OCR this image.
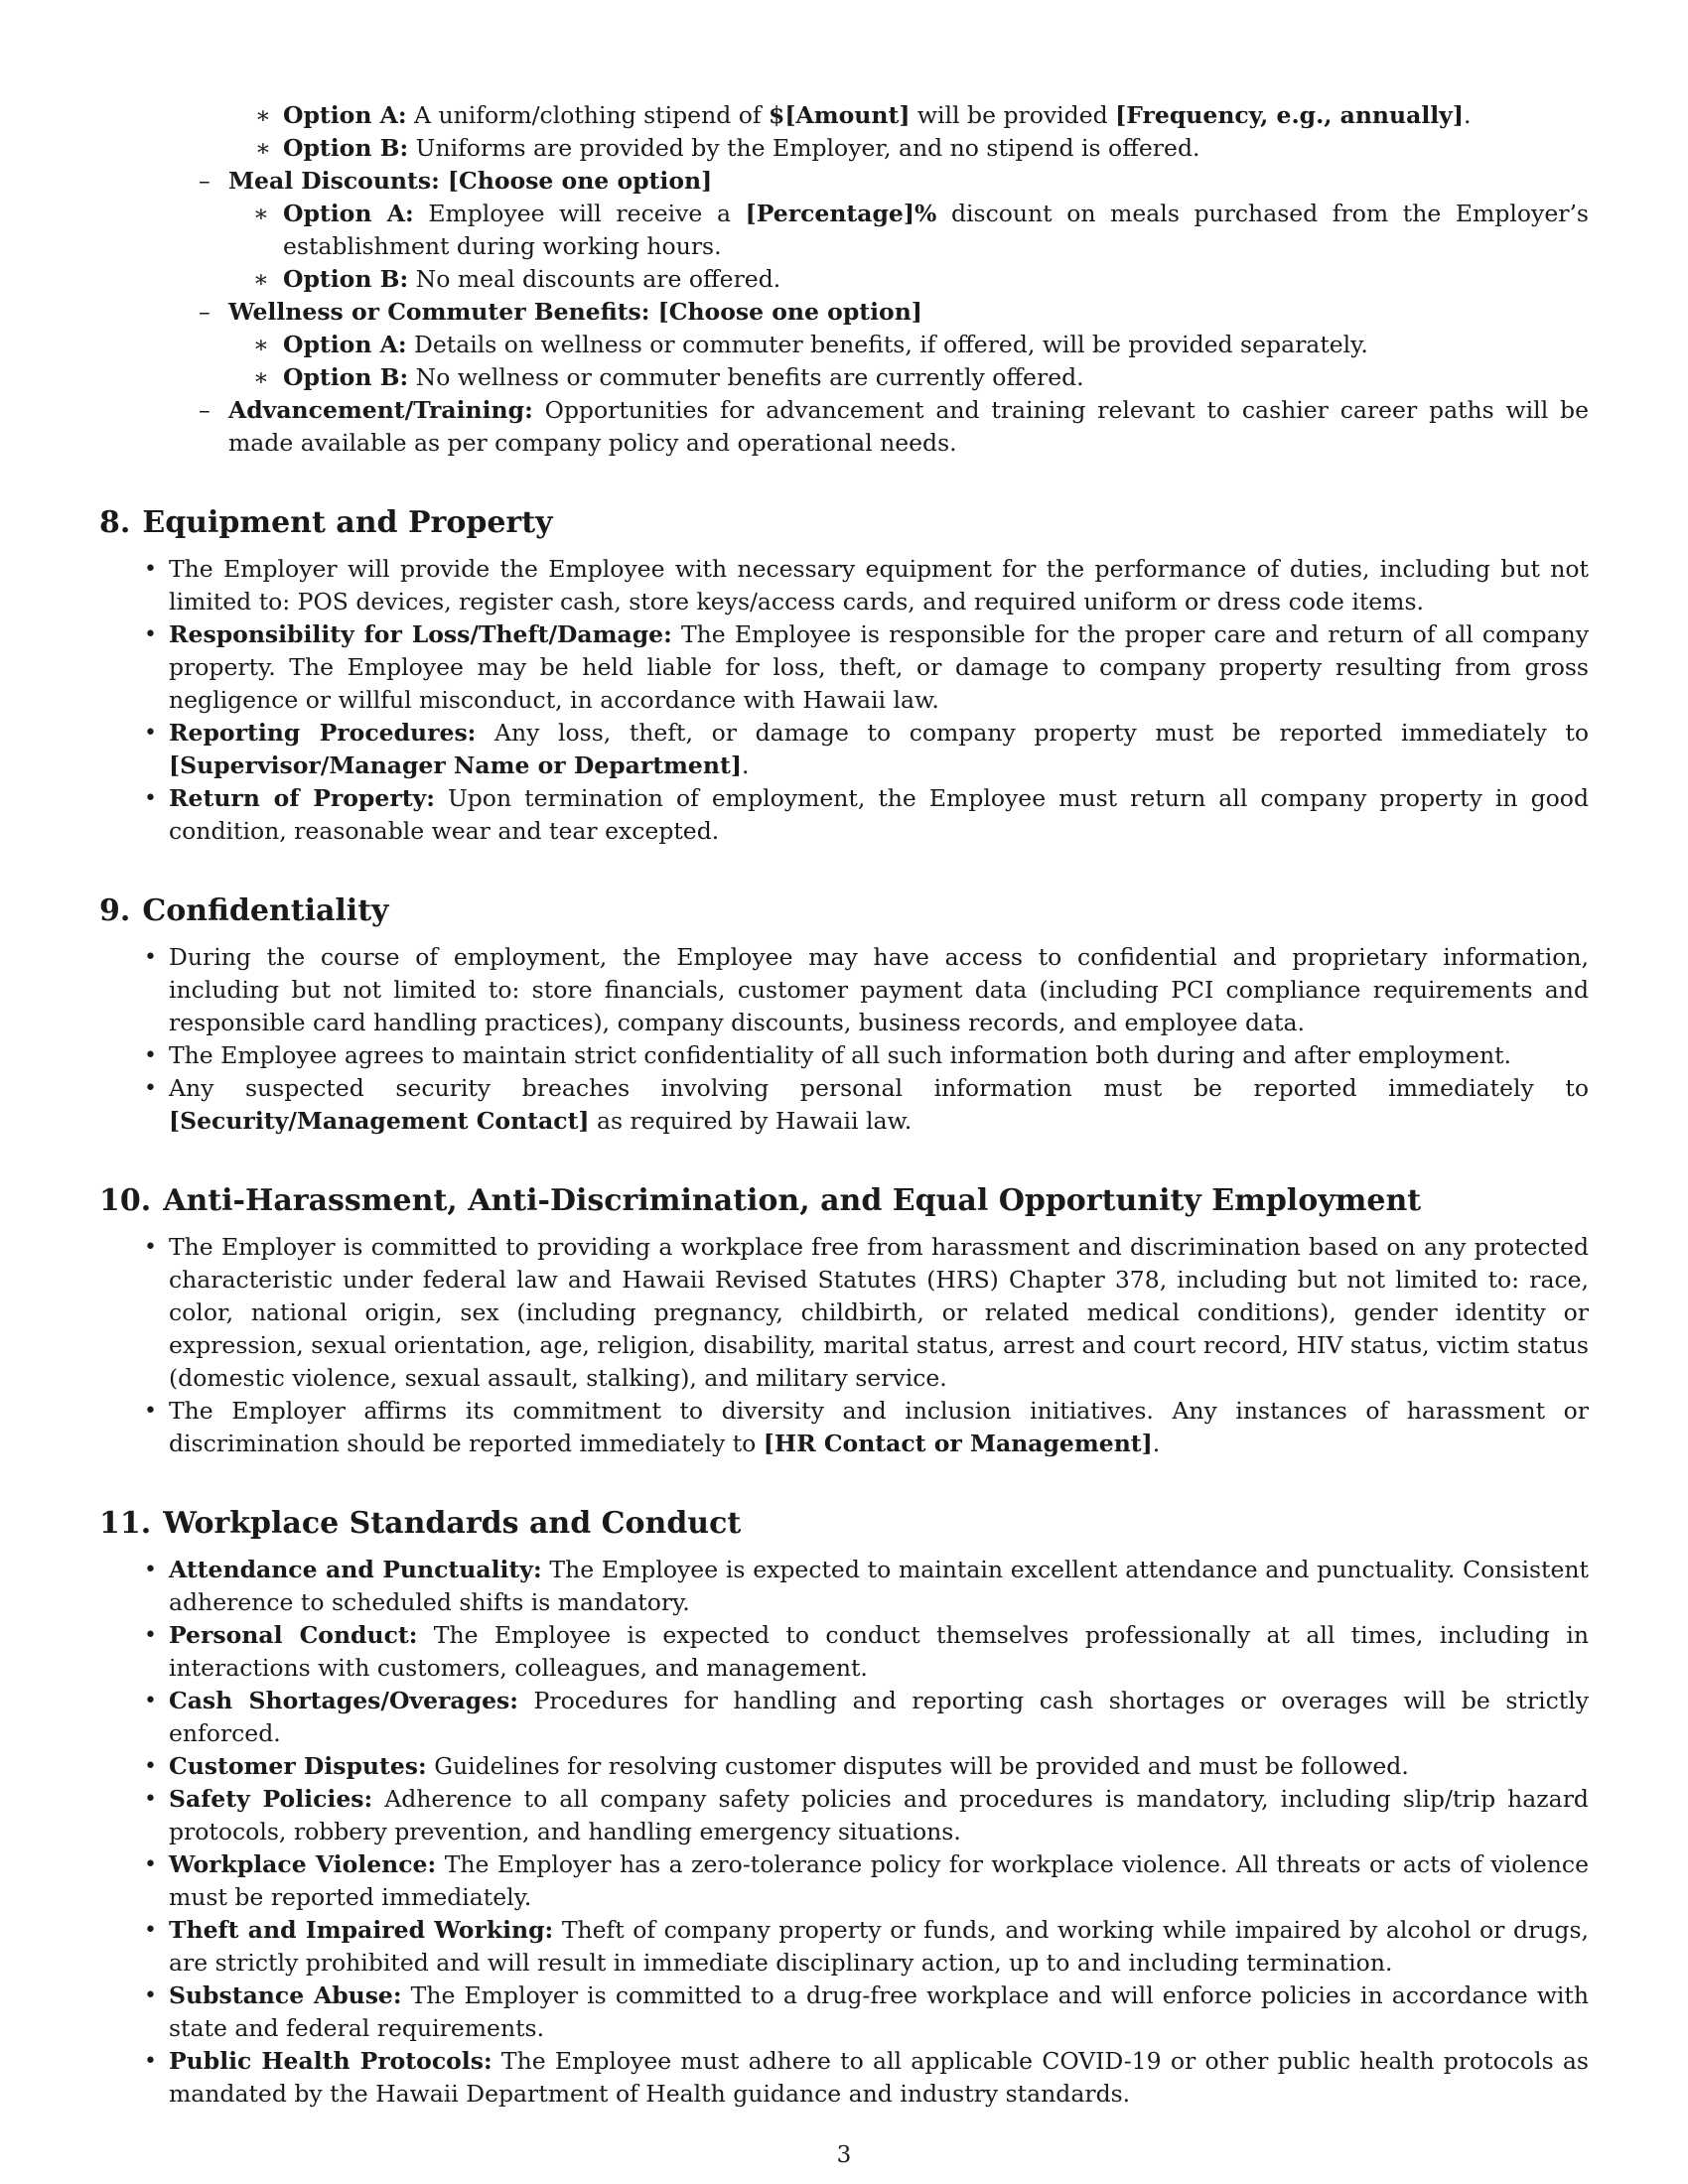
∗ Option A: A uniform/clothing stipend of $[Amount] will be provided [Frequency, e.g., annually].
∗ Option B: Uniforms are provided by the Employer, and no stipend is offered.
– Meal Discounts: [Choose one option]
∗ Option A: Employee will receive a [Percentage]% discount on meals purchased from the Employer’s establishment during working hours.
∗ Option B: No meal discounts are offered.
– Wellness or Commuter Benefits: [Choose one option]
∗ Option A: Details on wellness or commuter benefits, if offered, will be provided separately.
∗ Option B: No wellness or commuter benefits are currently offered.
– Advancement/Training: Opportunities for advancement and training relevant to cashier career paths will be made available as per company policy and operational needs.
8. Equipment and Property
• The Employer will provide the Employee with necessary equipment for the performance of duties, including but not limited to: POS devices, register cash, store keys/access cards, and required uniform or dress code items.
• Responsibility for Loss/Theft/Damage: The Employee is responsible for the proper care and return of all company property. The Employee may be held liable for loss, theft, or damage to company property resulting from gross negligence or willful misconduct, in accordance with Hawaii law.
• Reporting Procedures: Any loss, theft, or damage to company property must be reported immediately to [Supervisor/Manager Name or Department].
• Return of Property: Upon termination of employment, the Employee must return all company property in good condition, reasonable wear and tear excepted.
9. Confidentiality
• During the course of employment, the Employee may have access to confidential and proprietary information, including but not limited to: store financials, customer payment data (including PCI compliance requirements and responsible card handling practices), company discounts, business records, and employee data.
• The Employee agrees to maintain strict confidentiality of all such information both during and after employment.
• Any suspected security breaches involving personal information must be reported immediately to [Security/Management Contact] as required by Hawaii law.
10. Anti-Harassment, Anti-Discrimination, and Equal Opportunity Employment
• The Employer is committed to providing a workplace free from harassment and discrimination based on any protected characteristic under federal law and Hawaii Revised Statutes (HRS) Chapter 378, including but not limited to: race, color, national origin, sex (including pregnancy, childbirth, or related medical conditions), gender identity or expression, sexual orientation, age, religion, disability, marital status, arrest and court record, HIV status, victim status (domestic violence, sexual assault, stalking), and military service.
• The Employer affirms its commitment to diversity and inclusion initiatives. Any instances of harassment or discrimination should be reported immediately to [HR Contact or Management].
11. Workplace Standards and Conduct
• Attendance and Punctuality: The Employee is expected to maintain excellent attendance and punctuality. Consistent adherence to scheduled shifts is mandatory.
• Personal Conduct: The Employee is expected to conduct themselves professionally at all times, including in interactions with customers, colleagues, and management.
• Cash Shortages/Overages: Procedures for handling and reporting cash shortages or overages will be strictly enforced.
• Customer Disputes: Guidelines for resolving customer disputes will be provided and must be followed.
• Safety Policies: Adherence to all company safety policies and procedures is mandatory, including slip/trip hazard protocols, robbery prevention, and handling emergency situations.
• Workplace Violence: The Employer has a zero-tolerance policy for workplace violence. All threats or acts of violence must be reported immediately.
• Theft and Impaired Working: Theft of company property or funds, and working while impaired by alcohol or drugs, are strictly prohibited and will result in immediate disciplinary action, up to and including termination.
• Substance Abuse: The Employer is committed to a drug-free workplace and will enforce policies in accordance with state and federal requirements.
• Public Health Protocols: The Employee must adhere to all applicable COVID-19 or other public health protocols as mandated by the Hawaii Department of Health guidance and industry standards.
3
